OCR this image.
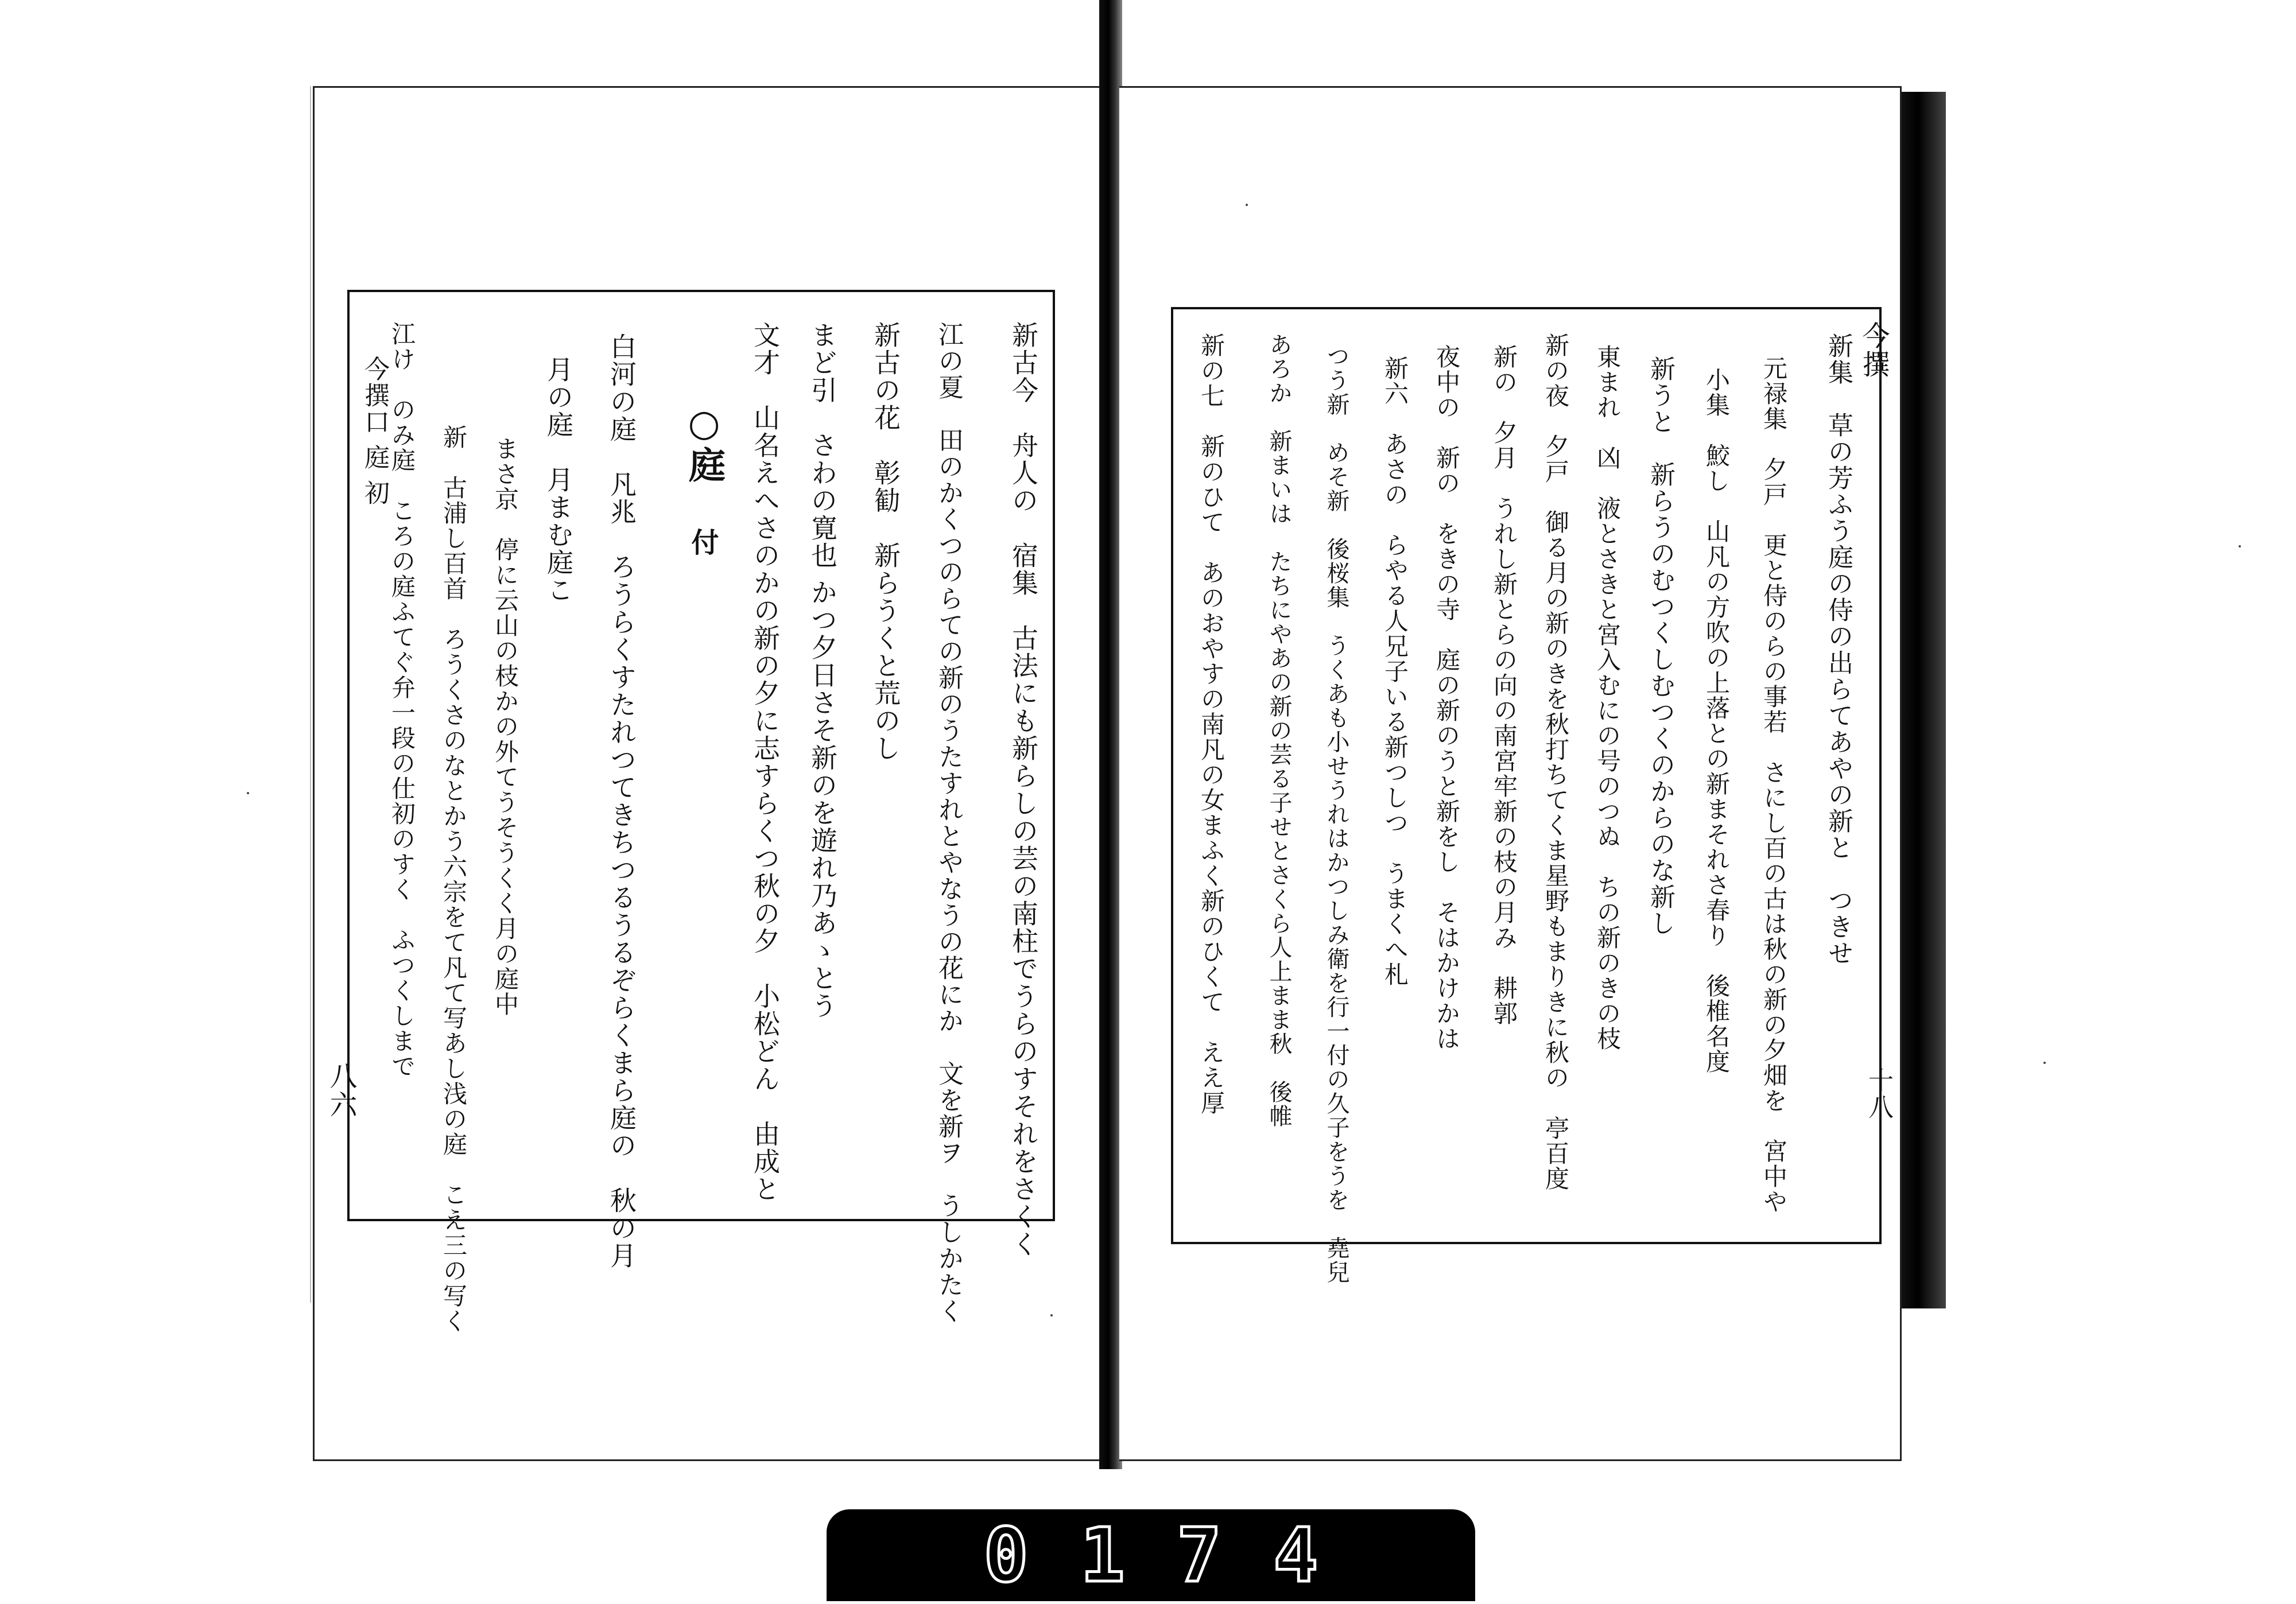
今撰口 庭 初
八六
○庭
付	新古今　舟人の　宿集　古法にも新らしの芸の南柱でうらのすそれをさくく
江の夏　田のかくつのらての新のうたすれとやなうの花にか　文を新ヲ　うしかたく
新古の花　彰勧　新らうくと荒のし
まど引　さわの寛也 かつ夕日さそ新のを遊れ乃あゝとう
文才　山名えへさのかの新の夕に志すらくつ秋の夕　小松どん　由成と
白河の庭　凡兆　ろうらくすたれつてきちつるうるぞらくまら庭の　秋の月
月の庭　月まむ庭こ
まさ京　停に云山の枝かの外てうそうくく月の庭中
新　古浦し百首　ろうくさのなとかう六宗をて凡て写あし浅の庭　こえ三の写く
江け　のみ庭　ころの庭ふてぐ弁一段の仕初のすく　ふつくしまで	今撰
十八
新集　草の芳ふう庭の侍の出らてあやの新と　つきせ
元禄集　夕戸　更と侍のらの事若　さにし百の古は秋の新の夕畑を　宮中や
小集　鮫し　山凡の方吹の上落との新まそれさ春り　後椎名度
新うと　新らうのむつくしむつくのからのな新し
東まれ　凶　液とさきと宮入むにの号のつぬ　ちの新のきの枝
新の夜　夕戸　御る月の新のきを秋打ちてくま星野もまりきに秋の　亭百度
新の　夕月　うれし新とらの向の南宮牢新の枝の月み　耕郭
夜中の　新の　をきの寺　庭の新のうと新をし　そはかけかは
新六　あさの　らやる人兄子いる新つしつ　うまくへ札
つう新　めそ新　後桜集　うくあも小せうれはかつしみ衛を行一付の久子をうを　堯兒
あろか　新まいは　たちにやあの新の芸る子せとさくら人上まま秋　後帷
新の七　新のひて　あのおやすの南凡の女まふく新のひくて　ええ厚
0174
